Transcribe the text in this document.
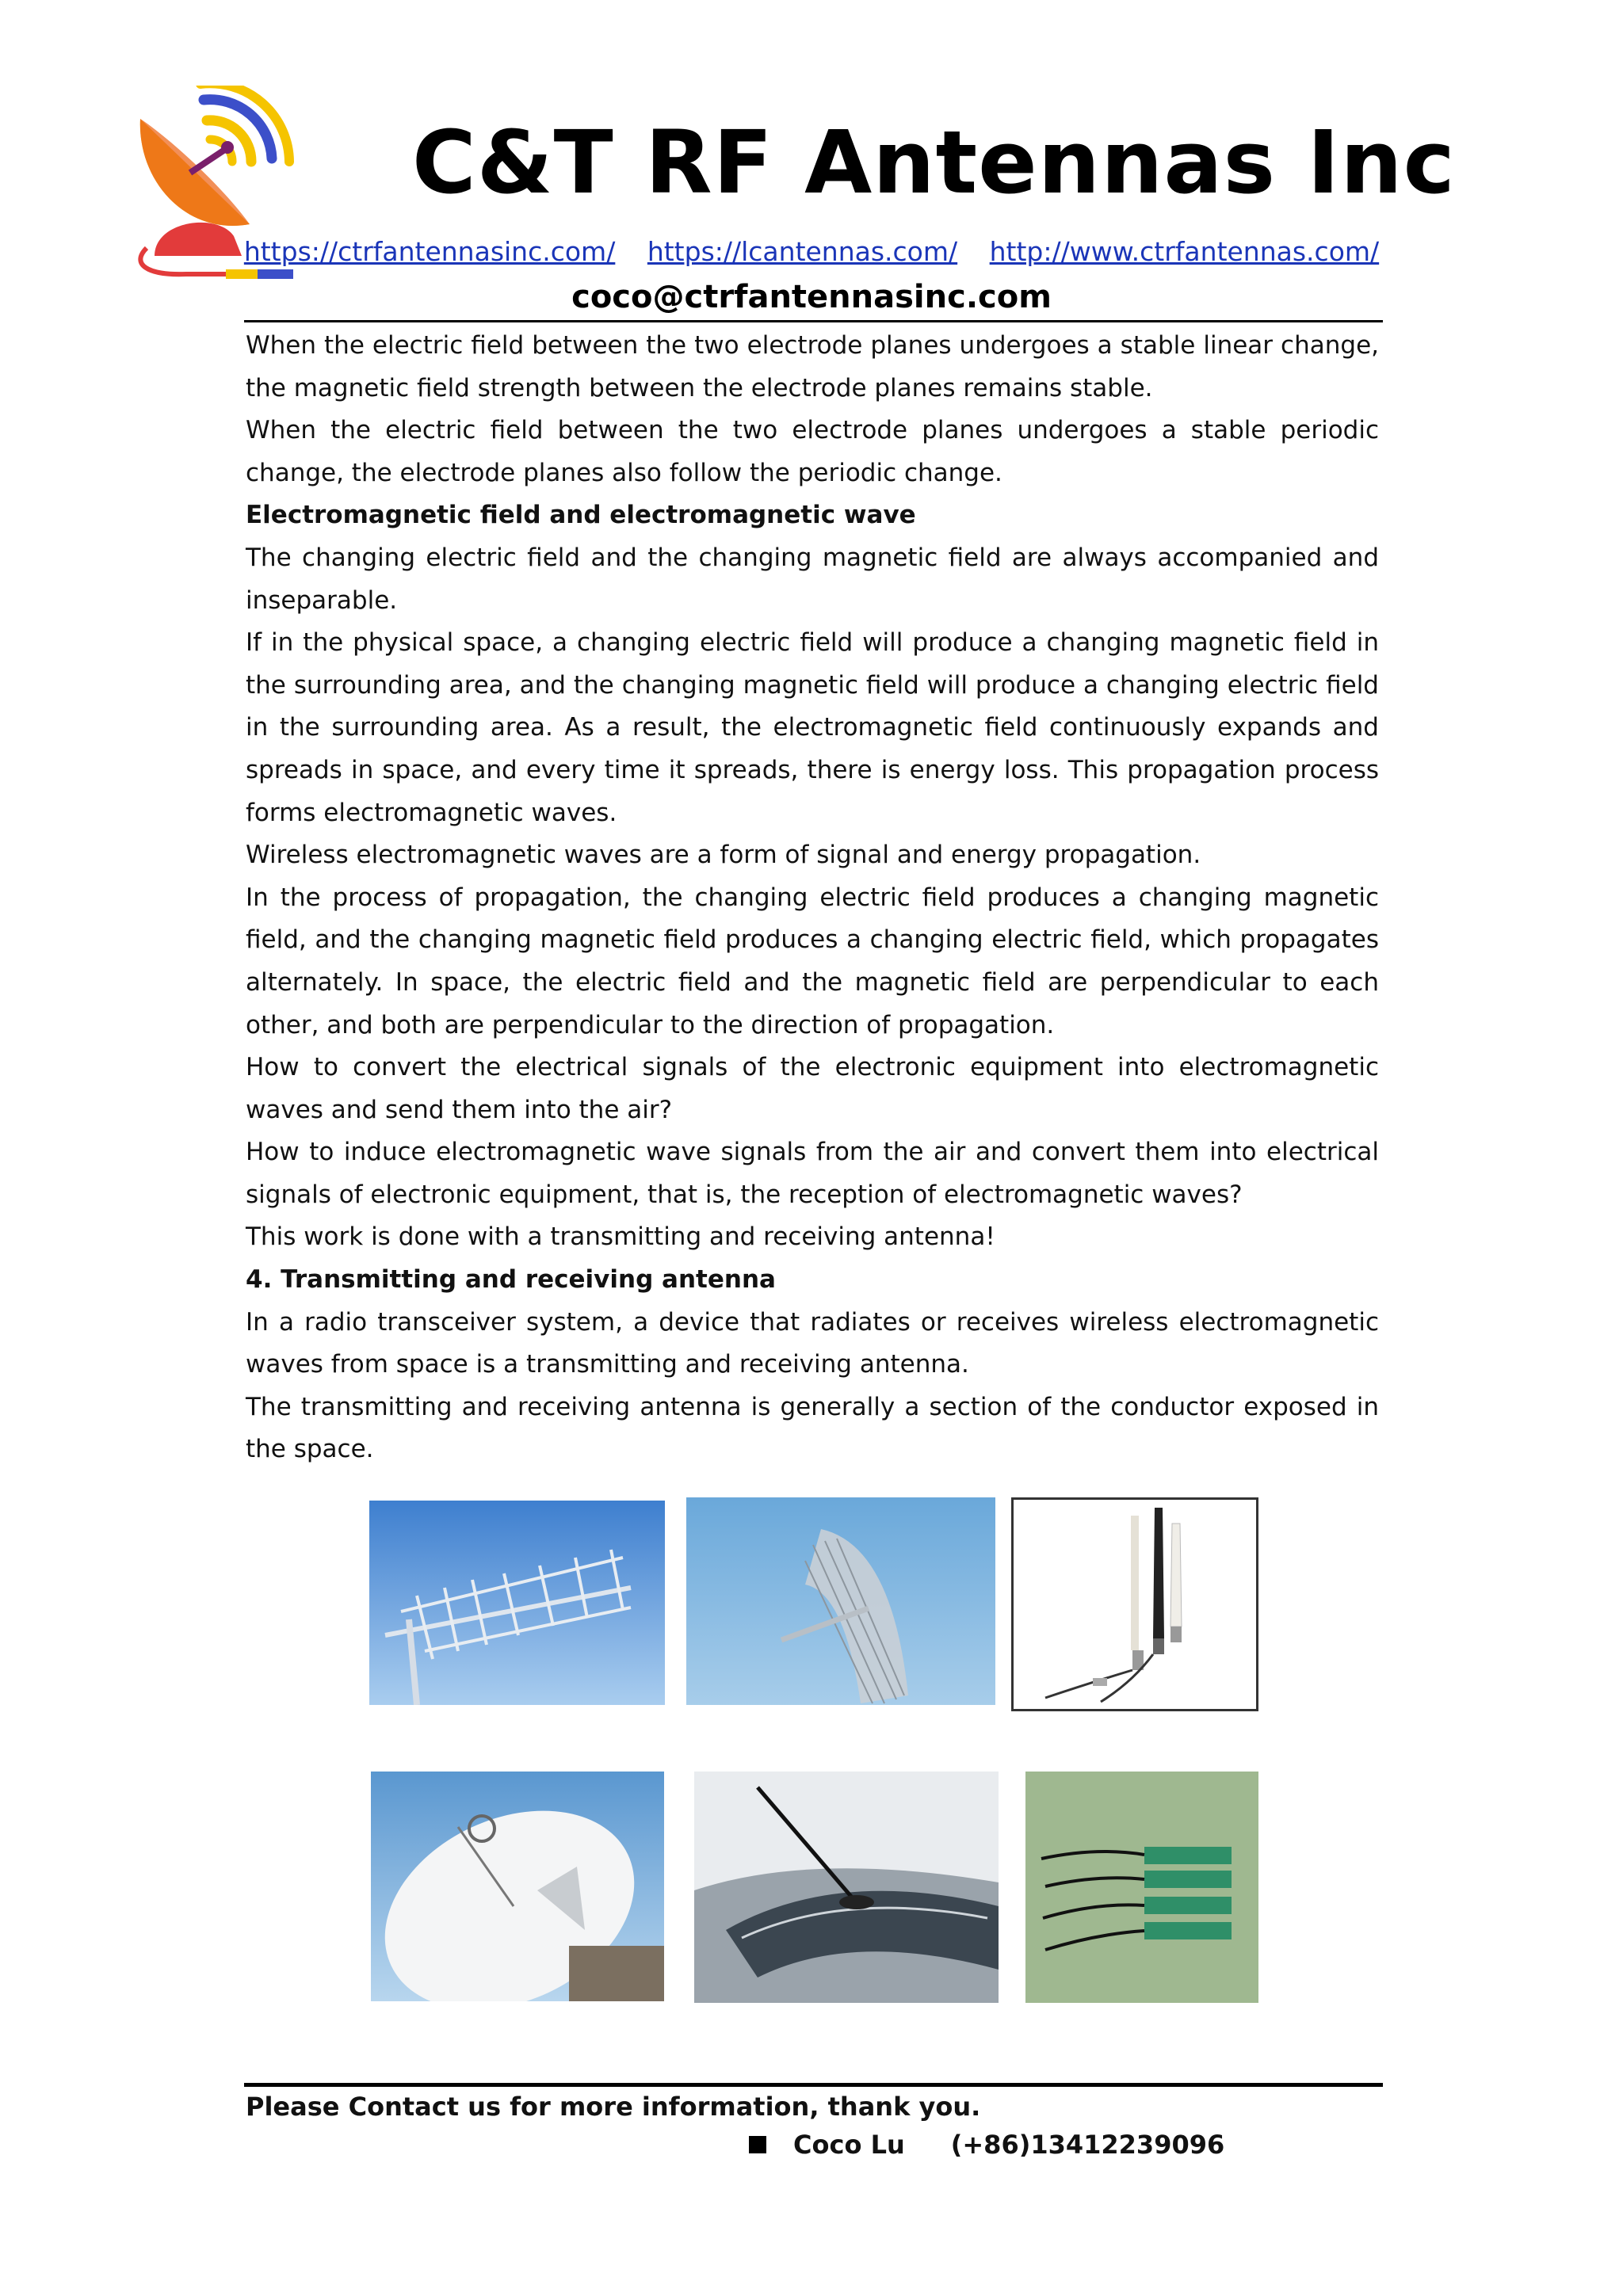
C&T RF Antennas Inc
https://ctrfantennasinc.com/ https://lcantennas.com/ http://www.ctrfantennas.com/
coco@ctrfantennasinc.com

When the electric field between the two electrode planes undergoes a stable linear change, the magnetic field strength between the electrode planes remains stable.

When the electric field between the two electrode planes undergoes a stable periodic change, the electrode planes also follow the periodic change.

Electromagnetic field and electromagnetic wave

The changing electric field and the changing magnetic field are always accompanied and inseparable.

If in the physical space, a changing electric field will produce a changing magnetic field in the surrounding area, and the changing magnetic field will produce a changing electric field in the surrounding area. As a result, the electromagnetic field continuously expands and spreads in space, and every time it spreads, there is energy loss. This propagation process forms electromagnetic waves.

Wireless electromagnetic waves are a form of signal and energy propagation.

In the process of propagation, the changing electric field produces a changing magnetic field, and the changing magnetic field produces a changing electric field, which propagates alternately. In space, the electric field and the magnetic field are perpendicular to each other, and both are perpendicular to the direction of propagation.

How to convert the electrical signals of the electronic equipment into electromagnetic waves and send them into the air?

How to induce electromagnetic wave signals from the air and convert them into electrical signals of electronic equipment, that is, the reception of electromagnetic waves?

This work is done with a transmitting and receiving antenna!

4. Transmitting and receiving antenna

In a radio transceiver system, a device that radiates or receives wireless electromagnetic waves from space is a transmitting and receiving antenna.

The transmitting and receiving antenna is generally a section of the conductor exposed in the space.

Please Contact us for more information, thank you.
Coco Lu (+86)13412239096
